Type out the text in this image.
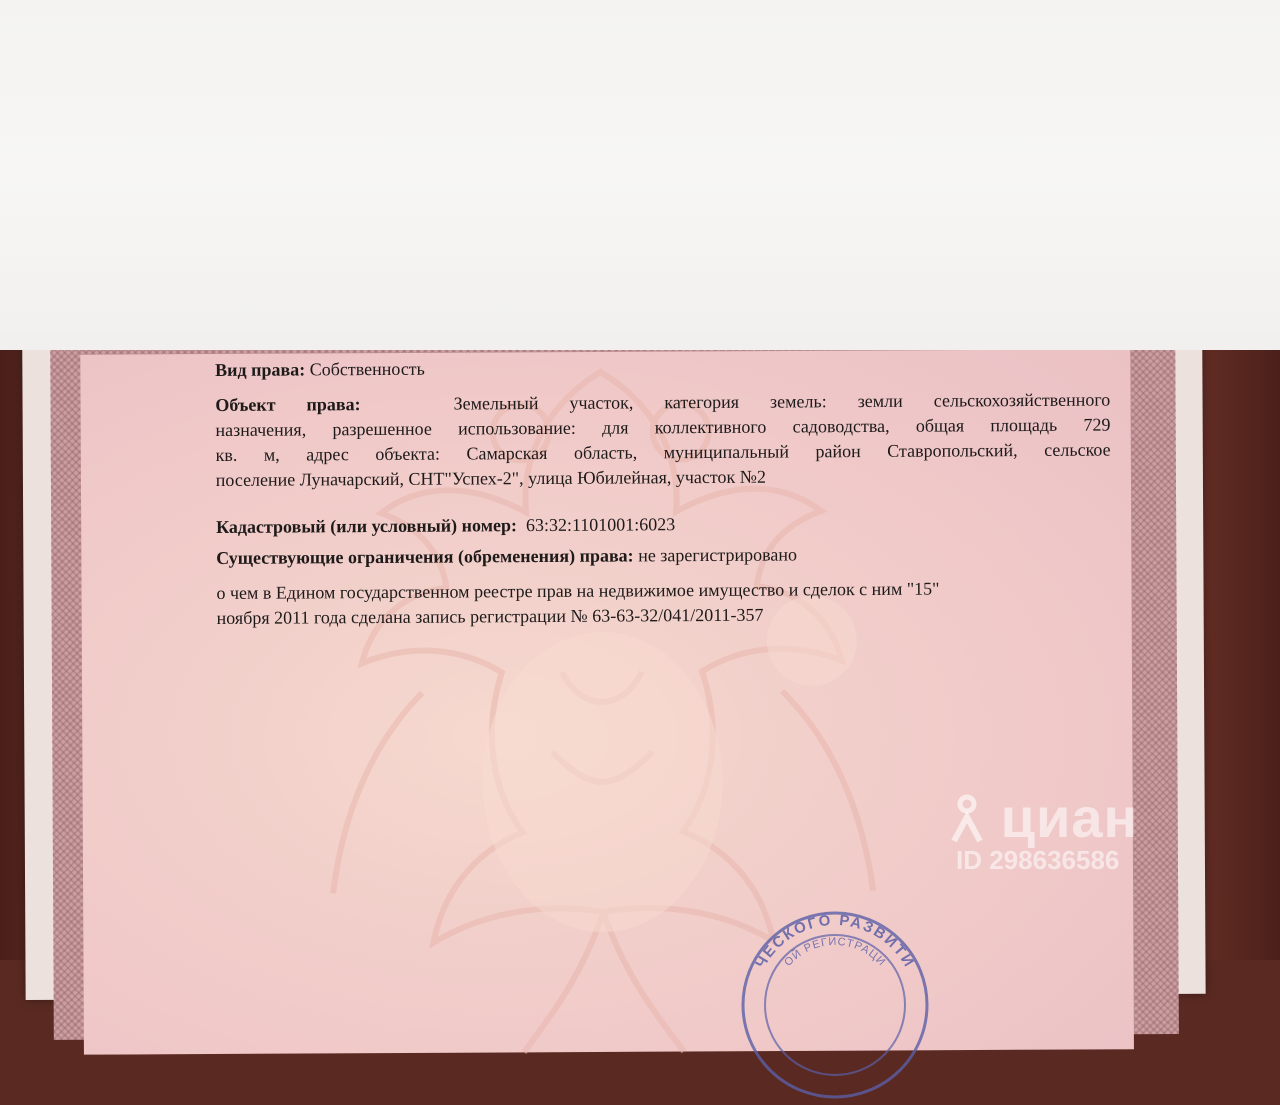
Вид права: Собственность
Объект права:	Земельный участок, категория земель: земли сельскохозяйственного
назначения, разрешенное использование: для коллективного садоводства, общая площадь 729
кв. м, адрес объекта: Самарская область, муниципальный район Ставропольский, сельское
поселение Луначарский, СНТ"Успех-2", улица Юбилейная, участок №2
Кадастровый (или условный) номер: 63:32:1101001:6023
Существующие ограничения (обременения) права: не зарегистрировано
о чем в Едином государственном реестре прав на недвижимое имущество и сделок с ним "15"
ноября 2011 года сделана запись регистрации № 63-63-32/041/2011-357
циан
ID 298636586
ЧЕСКОГО РАЗВИТИ
ОЙ РЕГИСТРАЦИ
